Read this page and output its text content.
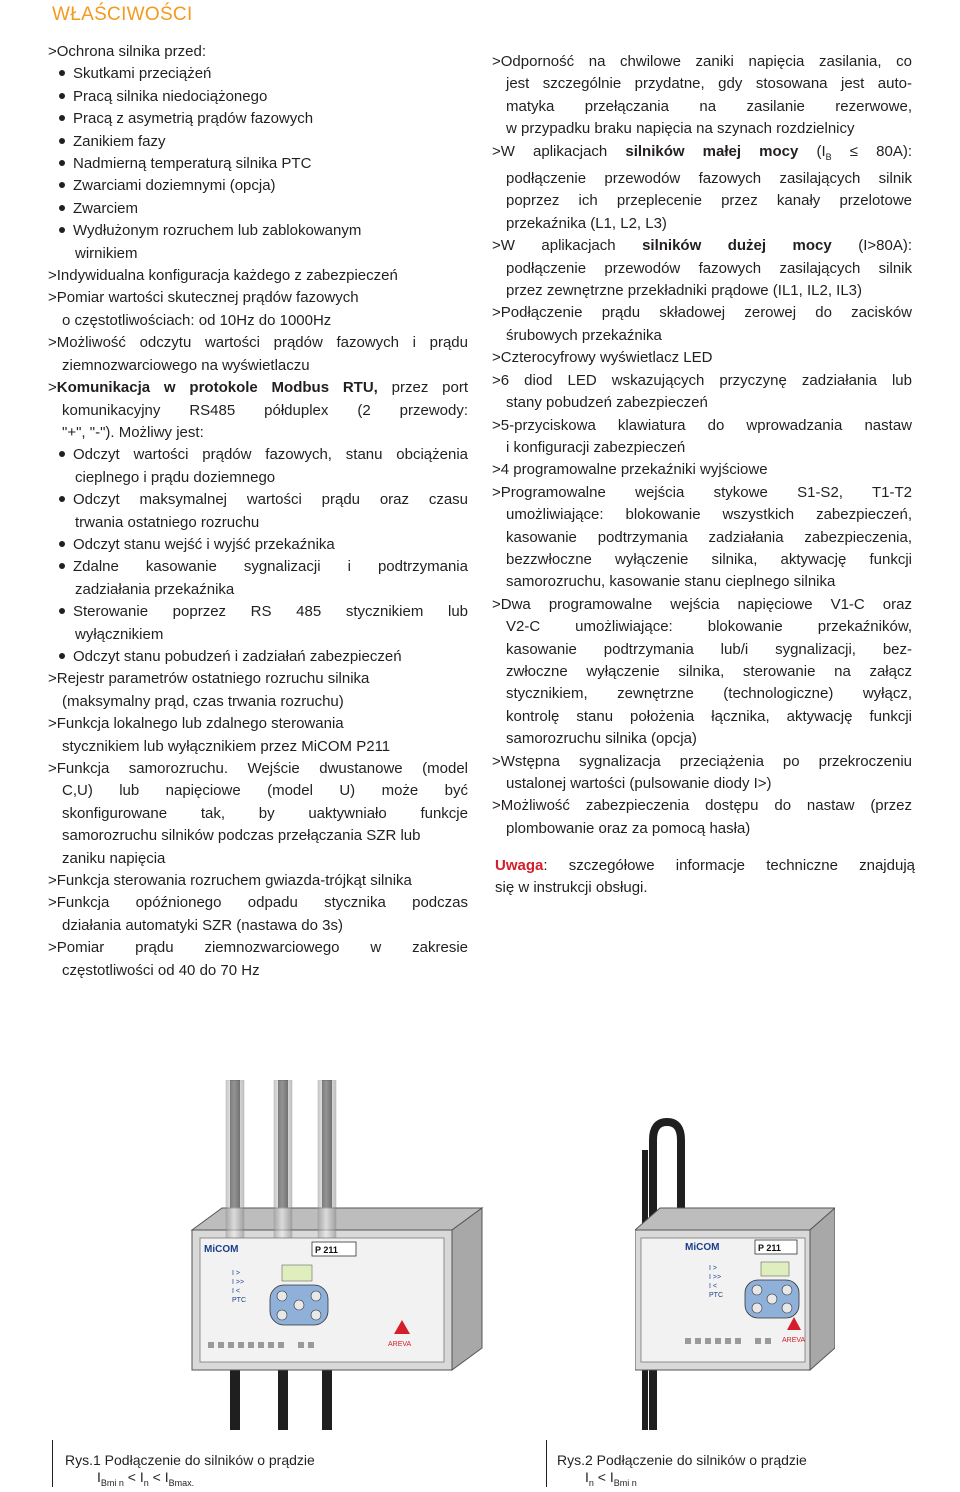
WŁAŚCIWOŚCI
>Ochrona silnika przed:
Skutkami przeciążeń
Pracą silnika niedociążonego
Pracą z asymetrią prądów fazowych
Zanikiem fazy
Nadmierną temperaturą silnika PTC
Zwarciami doziemnymi (opcja)
Zwarciem
Wydłużonym rozruchem lub zablokowanym
wirnikiem
>Indywidualna konfiguracja każdego z zabezpieczeń
>Pomiar wartości skutecznej prądów fazowych
o częstotliwościach: od 10Hz do 1000Hz
>Możliwość odczytu wartości prądów fazowych i prądu
ziemnozwarciowego na wyświetlaczu
>Komunikacja w protokole Modbus RTU, przez port
komunikacyjny RS485 półduplex (2 przewody:
"+", "-"). Możliwy jest:
Odczyt wartości prądów fazowych, stanu obciążenia
cieplnego i prądu doziemnego
Odczyt maksymalnej wartości prądu oraz czasu
trwania ostatniego rozruchu
Odczyt stanu wejść i wyjść przekaźnika
Zdalne kasowanie sygnalizacji i podtrzymania
zadziałania przekaźnika
Sterowanie poprzez RS 485 stycznikiem lub
wyłącznikiem
Odczyt stanu pobudzeń i zadziałań zabezpieczeń
>Rejestr parametrów ostatniego rozruchu silnika
(maksymalny prąd, czas trwania rozruchu)
>Funkcja lokalnego lub zdalnego sterowania
stycznikiem lub wyłącznikiem przez MiCOM P211
>Funkcja samorozruchu. Wejście dwustanowe (model
C,U) lub napięciowe (model U) może być
skonfigurowane tak, by uaktywniało funkcje
samorozruchu silników podczas przełączania SZR lub
zaniku napięcia
>Funkcja sterowania rozruchem gwiazda-trójkąt silnika
>Funkcja opóźnionego odpadu stycznika podczas
działania automatyki SZR (nastawa do 3s)
>Pomiar prądu ziemnozwarciowego w zakresie
częstotliwości od 40 do 70 Hz
>Odporność na chwilowe zaniki napięcia zasilania, co
jest szczególnie przydatne, gdy stosowana jest auto-
matyka przełączania na zasilanie rezerwowe,
w przypadku braku napięcia na szynach rozdzielnicy
>W aplikacjach silników małej mocy $(I_B \le 80A)$:
podłączenie przewodów fazowych zasilających silnik
poprzez ich przeplecenie przez kanały przelotowe
przekaźnika (L1, L2, L3)
>W aplikacjach silników dużej mocy (I>80A):
podłączenie przewodów fazowych zasilających silnik
przez zewnętrzne przekładniki prądowe (IL1, IL2, IL3)
>Podłączenie prądu składowej zerowej do zacisków
śrubowych przekaźnika
>Czterocyfrowy wyświetlacz LED
>6 diod LED wskazujących przyczynę zadziałania lub
stany pobudzeń zabezpieczeń
>5-przyciskowa klawiatura do wprowadzania nastaw
i konfiguracji zabezpieczeń
>4 programowalne przekaźniki wyjściowe
>Programowalne wejścia stykowe S1-S2, T1-T2
umożliwiające: blokowanie wszystkich zabezpieczeń,
kasowanie podtrzymania zadziałania zabezpieczenia,
bezzwłoczne wyłączenie silnika, aktywację funkcji
samorozruchu, kasowanie stanu cieplnego silnika
>Dwa programowalne wejścia napięciowe V1-C oraz
V2-C umożliwiające: blokowanie przekaźników,
kasowanie podtrzymania lub/i sygnalizacji, bez-
zwłoczne wyłączenie silnika, sterowanie na załącz
stycznikiem, zewnętrzne (technologiczne) wyłącz,
kontrolę stanu położenia łącznika, aktywację funkcji
samorozruchu silnika (opcja)
>Wstępna sygnalizacja przeciążenia po przekroczeniu
ustalonej wartości (pulsowanie diody I>)
>Możliwość zabezpieczenia dostępu do nastaw (przez
plombowanie oraz za pomocą hasła)
Uwaga: szczegółowe informacje techniczne znajdują
się w instrukcji obsługi.
MiCOM	P 211
I >
I >>
I <
PTC
AREVA
MiCOM	P 211
I >
I >>
I <
PTC
AREVA
Rys.1 Podłączenie do silników o prądzie
$I_{Bmi n} < I_n < I_{Bmax.}$
Rys.2 Podłączenie do silników o prądzie
$I_n < I_{Bmi n}$
